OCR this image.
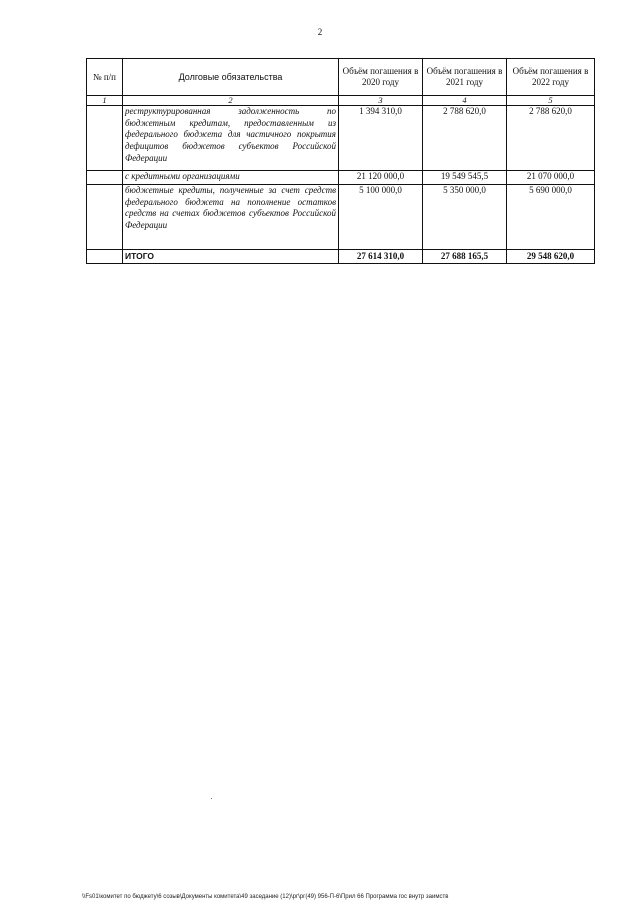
2
№ п/п	Долговые обязательства	Объём погашения в 2020 году	Объём погашения в 2021 году	Объём погашения в 2022 году
1	2	3	4	5
	реструктурированная задолженность по бюджетным кредитам, предоставленным из федерального бюджета для частичного покрытия дефицитов бюджетов субъектов Российской Федерации	1 394 310,0	2 788 620,0	2 788 620,0
	с кредитными организациями	21 120 000,0	19 549 545,5	21 070 000,0
	бюджетные кредиты, полученные за счет средств федерального бюджета на пополнение остатков средств на счетах бюджетов субъектов Российской Федерации	5 100 000,0	5 350 000,0	5 690 000,0
	ИТОГО	27 614 310,0	27 688 165,5	29 548 620,0
\\Fs01\комитет по бюджету\6 созыв\Документы комитета\49 заседание (12)\рг\рг(49) 956-П-6\Прил 66 Программа гос внутр заимств
